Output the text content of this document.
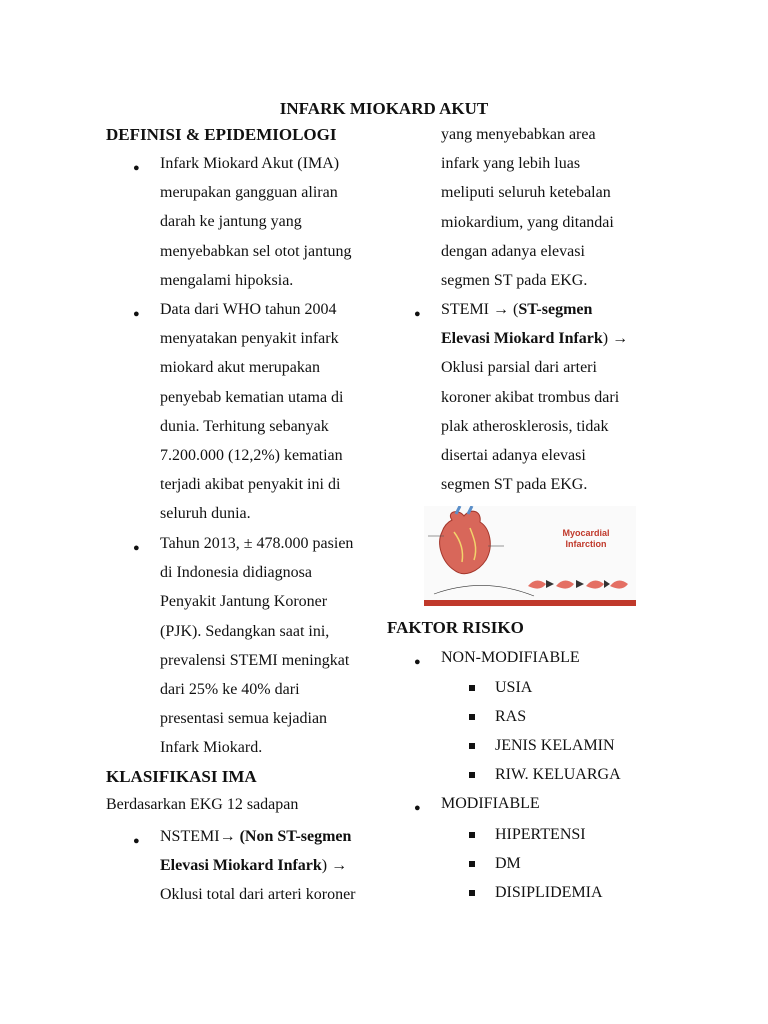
INFARK MIOKARD AKUT
DEFINISI & EPIDEMIOLOGI
● Infark Miokard Akut (IMA)
merupakan gangguan aliran
darah ke jantung yang
menyebabkan sel otot jantung
mengalami hipoksia.
● Data dari WHO tahun 2004
menyatakan penyakit infark
miokard akut merupakan
penyebab kematian utama di
dunia. Terhitung sebanyak
7.200.000 (12,2%) kematian
terjadi akibat penyakit ini di
seluruh dunia.
● Tahun 2013, ± 478.000 pasien
di Indonesia didiagnosa
Penyakit Jantung Koroner
(PJK). Sedangkan saat ini,
prevalensi STEMI meningkat
dari 25% ke 40% dari
presentasi semua kejadian
Infark Miokard.
KLASIFIKASI IMA
Berdasarkan EKG 12 sadapan
● NSTEMI→ (Non ST-segmen
Elevasi Miokard Infark) →
Oklusi total dari arteri koroner
yang menyebabkan area
infark yang lebih luas
meliputi seluruh ketebalan
miokardium, yang ditandai
dengan adanya elevasi
segmen ST pada EKG.
● STEMI → (ST-segmen
Elevasi Miokard Infark) →
Oklusi parsial dari arteri
koroner akibat trombus dari
plak atherosklerosis, tidak
disertai adanya elevasi
segmen ST pada EKG.
Myocardial
Infarction
FAKTOR RISIKO
● NON-MODIFIABLE
USIA
RAS
JENIS KELAMIN
RIW. KELUARGA
● MODIFIABLE
HIPERTENSI
DM
DISIPLIDEMIA
